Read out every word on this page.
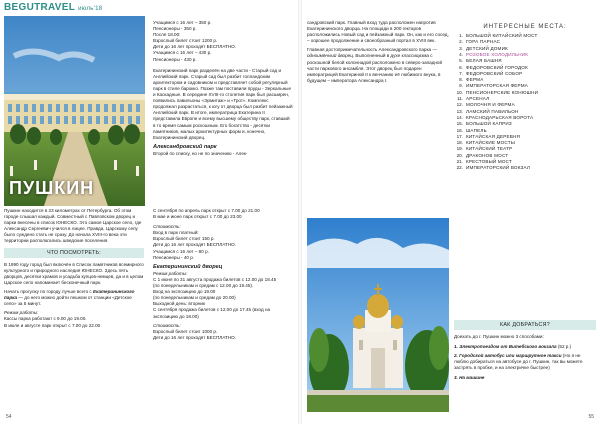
BEGUTRAVEL июль'18
ПУШКИН

Пушкин находится в 23 километрах от Петербурга. Об этом городе слышал каждый. Совместный с Павловском дворец и парки внесены в список ЮНЕСКО. Это самое Царское село, где Александр Сергеевич учился в лицее. Правда, Царскому селу было суждено стать не сразу. До начала XVIII-го века эти территории располагались шведские поселения.

ЧТО ПОСМОТРЕТЬ:

В 1990 году город был включён в Список памятников всемирного культурного и природного наследия ЮНЕСКО. Здесь пять дворцов, десятки храмов и усадьба купцов-немцев, да и в целом Царское село напоминает бесконечный парк.

Начать прогулку по городу лучше всего с Екатерининского парка — до него можно дойти пешком от станции «Детское село» за 5 минут.

Режим работы:
Кассы парка работают с 9.00 до 19.00.
В июле и августе парк открыт с 7.00 до 22.00
С сентября по апрель парк открыт с 7.00 до 21.00
В мае и июне парк открыт с 7.00 до 23.00
Стоимость:
Вход в парк платный:
Взрослый билет стоит 150 р.
Дети до 16 лет проходят БЕСПЛАТНО.
Учащимся с 16 лет – 80 р.
Пенсионеры - 40 р.
Екатерининский дворец
Режим работы:
С 1 июня по 31 августа продажа билетов с 12.00 до 18.45
(по понедельникам и средам с 12.00 до 19.45).
Вход на экспозицию до 19.00
(по понедельникам и средам до 20.00)
Выходной день: вторник
С сентября продажа билетов с 12.00 до 17.45 (вход на экспозицию до 18.00)
Стоимость:
Взрослый билет стоит 1000 р.
Дети до 16 лет проходят БЕСПЛАТНО.
Учащимся с 16 лет – 350 р.
Пенсионеры - 350 р.
После 18.00:
Взрослый билет стоит 1200 р.
Дети до 16 лет проходят БЕСПЛАТНО.
Учащимся с 16 лет – 430 р.
Пенсионеры - 430 р.

Екатерининский парк разделён на две части - Старый сад и Английский парк. Старый сад был разбит голландским архитектором и садовником и представляет собой регулярный парк в стиле барокко. Позже там поставили пруды - Зеркальные и Каскадные. В середине XVIII-го столетия парк был расширен, появились павильоны «Эрмитаж» и «Грот». Комплекс продолжал разрастаться, к югу от дворца был разбит пейзажный Английский парк. В итоге, императрица Екатерина II представила Европе и всему высшему обществу парк, ставший в то время самым роскошным. Его богатство - десятки памятников, малых архитектурных форм и, конечно, Екатерининский дворец.

Александровский парк
Второй по списку, но не по значению - Алек-
54

сандровский парк. Главный вход туда расположен напротив Екатерининского дворца. На площади в 200 гектаров расположились Новый сад и пейзажный парк. Он, как и его сосед, – хорошее продолжение и своеобразный портал в XVIII век.

Главная достопримечательность Александровского парка — одноимённый дворец. Выполненный в духе классицизма с роскошной белой колоннадой расположено в северо-западной части паркового ансамбля. Этот дворец был подарен императрицей Екатериной II к венчанию её любимого внука, в будущем – императора Александра I.

ИНТЕРЕСНЫЕ МЕСТА:
1. БОЛЬШОЙ КИТАЙСКИЙ МОСТ
2. ГОРА ПАРНАС
3. ДЕТСКИЙ ДОМИК
4. РОЗОВОЕ ХОЛОДИЛЬНИК
5. БЕЛАЯ БАШНЯ
6. ФЕДОРОВСКИЙ ГОРОДОК
7. ФЕДОРОВСКИЙ СОБОР
8. ФЕРМА
9. ИМПЕРАТОРСКАЯ ФЕРМА
10. ПЕНСИОНЕРСКИЕ КОНЮШНИ
11. АРСЕНАЛ
12. МОЛОЧНЯ И ФЕРМА
13. ЛАМСКИЙ ПАВИЛЬОН
14. КРАСНОДАРЬСКАЯ ВОРОТА
15. БОЛЬШОЙ КАПРИЗ
16. ШАПЕЛЬ
17. КИТАЙСКАЯ ДЕРЕВНЯ
18. КИТАЙСКИЕ МОСТЫ
19. КИТАЙСКИЙ ТЕАТР
20. ДРАКОНОВ МОСТ
21. КРЕСТОВЫЙ МОСТ
22. ИМПЕРАТОРСКИЙ ВОКЗАЛ
КАК ДОБРАТЬСЯ?
Доехать до г. Пушкин можно 3 способами:

1. Электропоездом от Витебского вокзала (52 р.)

2. Городской автобус или маршрутное такси (Но я не люблю добираться на автобусе до г. Пушкин, так вы можете застрять в пробке, и на электричке быстрее)

3. На машине
55
